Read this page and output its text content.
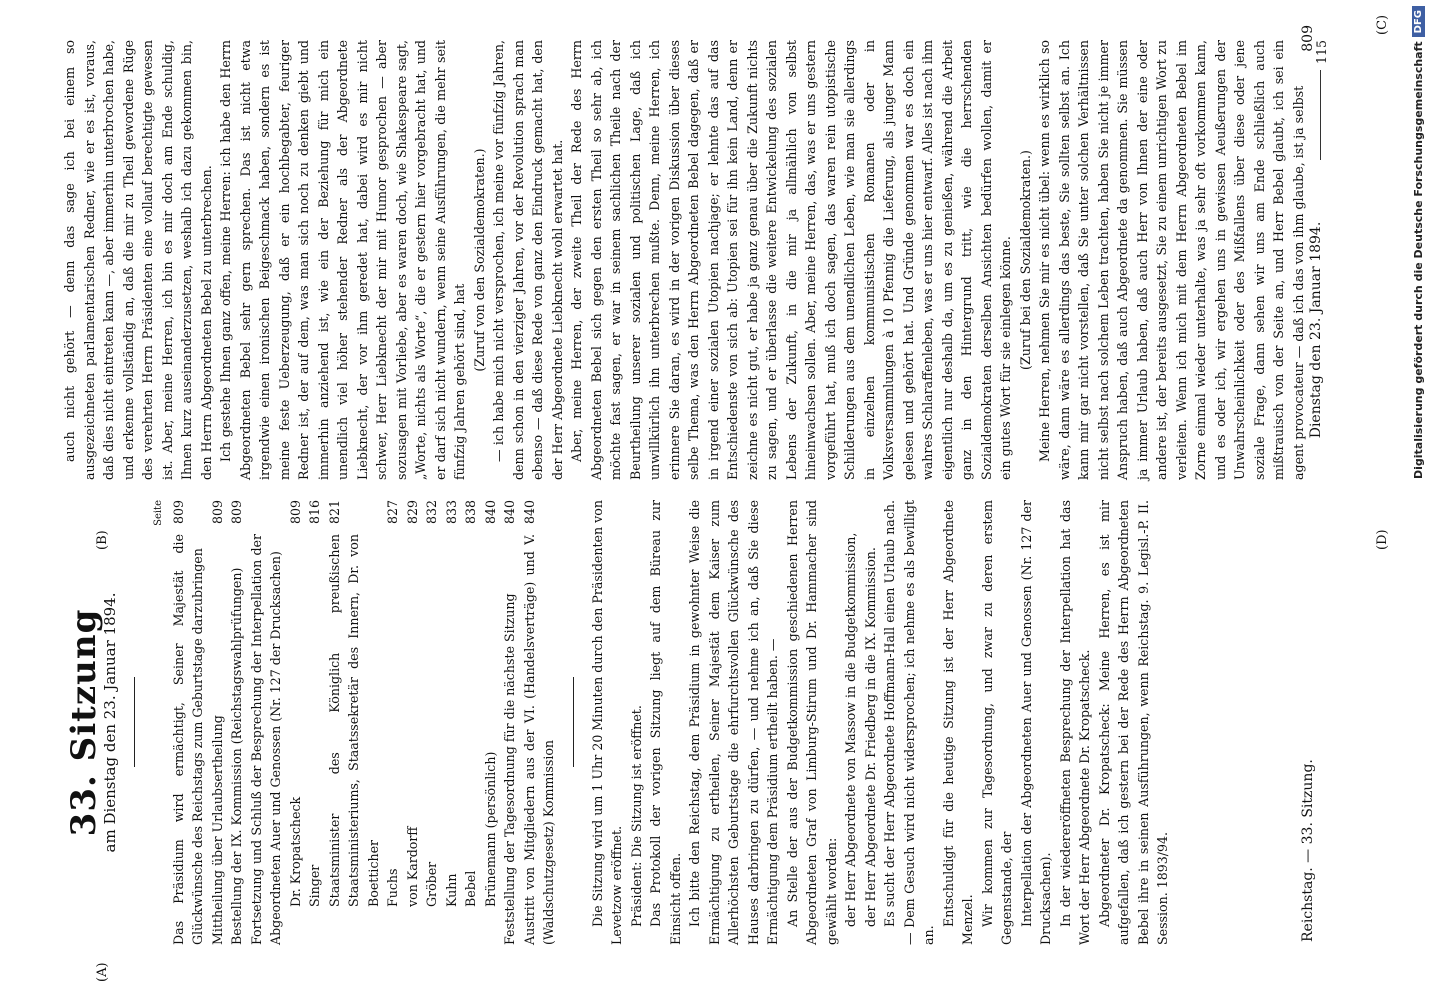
Reichstag. — 33. Sitzung.
Dienstag den 23. Januar 1894.
809
(A)
(B)
(C)
(D)
33. Sitzung
am Dienstag den 23. Januar 1894.
Seite
Das Präsidium wird ermächtigt, Seiner Majestät die Glückwünsche des Reichstags zum Geburtstage darzubringen
809
Mittheilung über Urlaubsertheilung
809
Bestellung der IX. Kommission (Reichstagswahlprüfungen)
809
Fortsetzung und Schluß der Besprechung der Interpellation der Abgeordneten Auer und Genossen (Nr. 127 der Drucksachen) Dr. Kropatscheck
809
Singer
816
Staatsminister des Königlich preußischen Staatsministeriums, Staatssekretär des Innern, Dr. von Boetticher
821
Fuchs
827
von Kardorff
829
Gröber
832
Kuhn
833
Bebel
838
Brünemann (persönlich)
840
Feststellung der Tagesordnung für die nächste Sitzung
840
Austritt von Mitgliedern aus der VI. (Handelsverträge) und V. (Waldschutzgesetz) Kommission
840	Die Sitzung wird um 1 Uhr 20 Minuten durch den Präsidenten von Levetzow eröffnet. Präsident: Die Sitzung ist eröffnet. Das Protokoll der vorigen Sitzung liegt auf dem Büreau zur Einsicht offen. Ich bitte den Reichstag, dem Präsidium in gewohnter Weise die Ermächtigung zu ertheilen, Seiner Majestät dem Kaiser zum Allerhöchsten Geburtstage die ehrfurchtsvollen Glückwünsche des Hauses darbringen zu dürfen, — und nehme ich an, daß Sie diese Ermächtigung dem Präsidium ertheilt haben. — An Stelle der aus der Budgetkommission geschiedenen Herren Abgeordneten Graf von Limburg-Stirum und Dr. Hammacher sind gewählt worden: der Herr Abgeordnete von Massow in die Budgetkommission, der Herr Abgeordnete Dr. Friedberg in die IX. Kommission. Es sucht der Herr Abgeordnete Hoffmann-Hall einen Urlaub nach. — Dem Gesuch wird nicht widersprochen; ich nehme es als bewilligt an.

Entschuldigt für die heutige Sitzung ist der Herr Abgeordnete Menzel. Wir kommen zur Tagesordnung, und zwar zu deren erstem Gegenstande, der Interpellation der Abgeordneten Auer und Genossen (Nr. 127 der Drucksachen). In der wiedereröffneten Besprechung der Interpellation hat das Wort der Herr Abgeordnete Dr. Kropatscheck. Abgeordneter Dr. Kropatscheck: Meine Herren, es ist mir aufgefallen, daß ich gestern bei der Rede des Herrn Abgeordneten Bebel ihre in seinen Ausführungen, wenn Reichstag. 9. Legisl.-P. II. Session. 1893/94.

auch nicht gehört — denn das sage ich bei einem so ausgezeichneten parlamentarischen Redner, wie er es ist, voraus, daß dies nicht eintreten kann —, aber immerhin unterbrochen habe, und erkenne vollständig an, daß die mir zu Theil gewordene Rüge des verehrten Herrn Präsidenten eine vollauf berechtigte gewesen ist. Aber, meine Herren, ich bin es mir doch am Ende schuldig, Ihnen kurz auseinanderzusetzen, weshalb ich dazu gekommen bin, den Herrn Abgeordneten Bebel zu unterbrechen. Ich gestehe Ihnen ganz offen, meine Herren: ich habe den Herrn Abgeordneten Bebel sehr gern sprechen. Das ist nicht etwa irgendwie einen ironischen Beigeschmack haben, sondern es ist meine feste Ueberzeugung, daß er ein hochbegabter, feuriger Redner ist, der auf dem, was man sich noch zu denken giebt und immerhin anziehend ist, wie ein der Beziehung für mich ein unendlich viel höher stehender Redner als der Abgeordnete Liebknecht, der vor ihm geredet hat, dabei wird es mir nicht schwer, Herr Liebknecht der mir mit Humor gesprochen — aber sozusagen mit Vorliebe, aber es waren doch, wie Shakespeare sagt, „Worte, nichts als Worte“, die er gestern hier vorgebracht hat, und er darf sich nicht wundern, wenn seine Ausführungen, die mehr seit fünfzig Jahren gehört sind, hat

(Zuruf von den Sozialdemokraten.) — ich habe mich nicht versprochen, ich meine vor fünfzig Jahren, denn schon in den vierziger Jahren, vor der Revolution sprach man ebenso — daß diese Rede von ganz den Eindruck gemacht hat, den der Herr Abgeordnete Liebknecht wohl erwartet hat. Aber, meine Herren, der zweite Theil der Rede des Herrn Abgeordneten Bebel sich gegen den ersten Theil so sehr ab, ich möchte fast sagen, er war in seinem sachlichen Theile nach der Beurtheilung unserer sozialen und politischen Lage, daß ich unwillkürlich ihn unterbrechen mußte. Denn, meine Herren, ich erinnere Sie daran, es wird in der vorigen Diskussion über dieses selbe Thema, was den Herrn Abgeordneten Bebel dagegen, daß er in irgend einer sozialen Utopien nachjage; er lehnte das auf das Entschiedenste von sich ab: Utopien sei für ihn kein Land, denn er zeichne es nicht gut, er habe ja ganz genau über die Zukunft nichts zu sagen, und er überlasse die weitere Entwickelung des sozialen Lebens der Zukunft, in die mir ja allmählich von selbst hineinwachsen sollen. Aber, meine Herren, das, was er uns gestern vorgeführt hat, muß ich doch sagen, das waren rein utopistische Schilderungen aus dem unendlichen Leben, wie man sie allerdings in einzelnen kommunistischen Romanen oder in Volksversammlungen à 10 Pfennig die Lieferung, als junger Mann gelesen und gehört hat. Und Gründe genommen war es doch ein wahres Schlaraffenleben, was er uns hier entwarf. Alles ist nach ihm eigentlich nur deshalb da, um es zu genießen, während die Arbeit ganz in den Hintergrund tritt, wie die herrschenden Sozialdemokraten derselben Ansichten bedürfen wollen, damit er ein gutes Wort für sie einlegen könne. (Zuruf bei den Sozialdemokraten.) Meine Herren, nehmen Sie mir es nicht übel: wenn es wirklich so wäre, dann wäre es allerdings das beste, Sie sollten selbst an. Ich kann mir gar nicht vorstellen, daß Sie unter solchen Verhältnissen nicht selbst nach solchem Leben trachten, haben Sie nicht je immer Anspruch haben, daß auch Abgeordnete da genommen. Sie müssen ja immer Urlaub haben, daß auch Herr von Ihnen der eine oder andere ist, der bereits ausgesetzt, Sie zu einem unrichtigen Wort zu verleiten. Wenn ich mich mit dem Herrn Abgeordneten Bebel im Zorne einmal wieder unterhalte, was ja sehr oft vorkommen kann, und es oder ich, wir ergehen uns in gewissen Aeußerungen der Unwahrscheinlichkeit oder des Mißfallens über diese oder jene soziale Frage, dann sehen wir uns am Ende schließlich auch mißtrauisch von der Seite an, und Herr Bebel glaubt, ich sei ein agent provocateur — daß ich das von ihm glaube, ist ja selbst

115	Digitalisierung gefördert durch die Deutsche Forschungsgemeinschaft
DFG
